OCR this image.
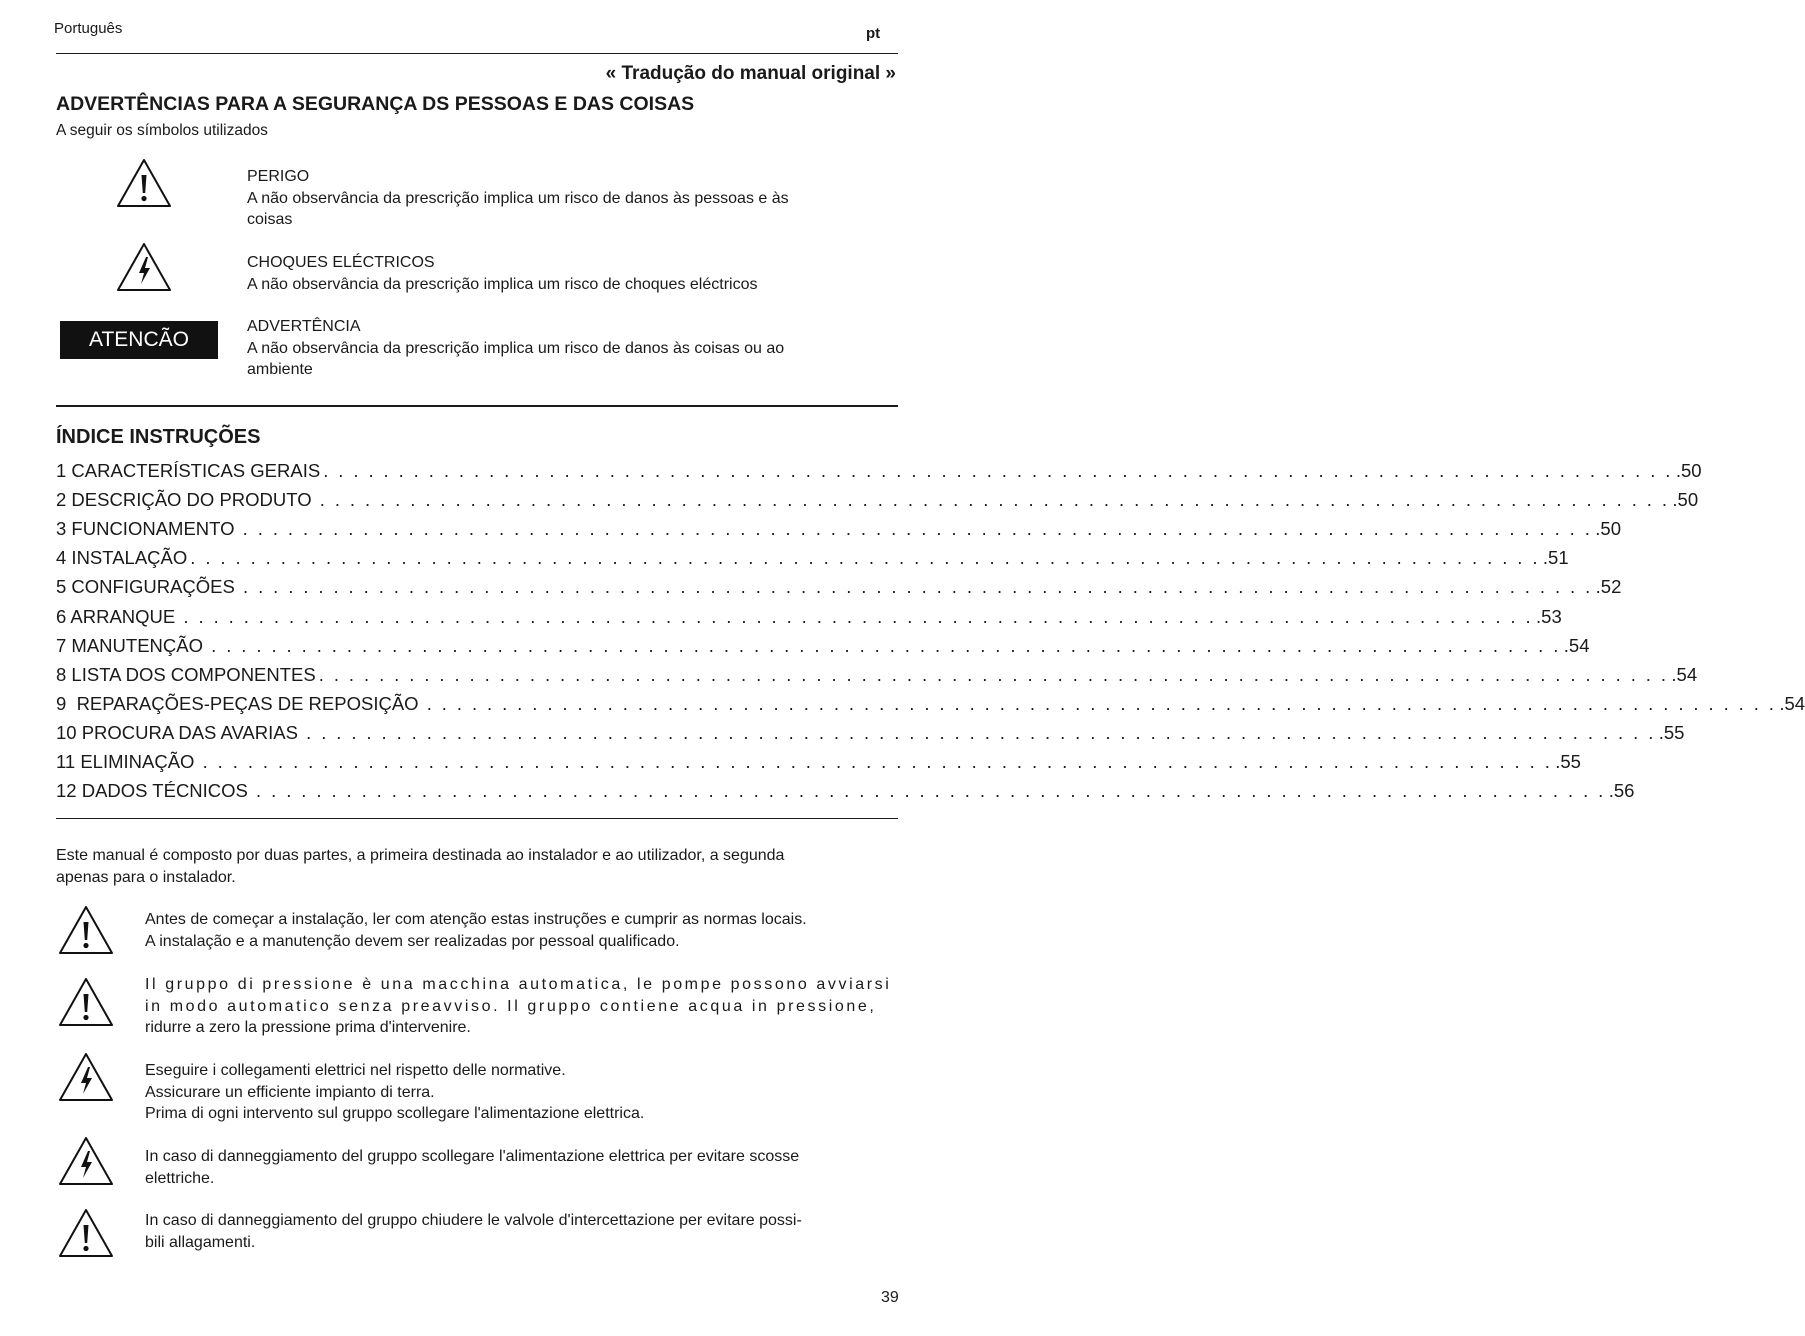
Português	pt
« Tradução do manual original »
ADVERTÊNCIAS PARA A SEGURANÇA DS PESSOAS E DAS COISAS
A seguir os símbolos utilizados
PERIGO
A não observância da prescrição implica um risco de danos às pessoas e às
coisas
CHOQUES ELÉCTRICOS
A não observância da prescrição implica um risco de choques eléctricos
ATENCÃO
ADVERTÊNCIA
A não observância da prescrição implica um risco de danos às coisas ou ao
ambiente
ÍNDICE INSTRUÇÕES
1 CARACTERÍSTICAS GERAIS . . . . . . . . . . . . . . . . . . . . . . . . . . . . . . . . . . . . . . . . . . . . . . . . . . . . . . . . . . . . . . . . . . . . . . . . . . . . . . . . . . . . . . . . . . .50
2 DESCRIÇÃO DO PRODUTO . . . . . . . . . . . . . . . . . . . . . . . . . . . . . . . . . . . . . . . . . . . . . . . . . . . . . . . . . . . . . . . . . . . . . . . . . . . . . . . . . . . . . . . . . . .50
3 FUNCIONAMENTO . . . . . . . . . . . . . . . . . . . . . . . . . . . . . . . . . . . . . . . . . . . . . . . . . . . . . . . . . . . . . . . . . . . . . . . . . . . . . . . . . . . . . . . . . . .50
4 INSTALAÇÃO . . . . . . . . . . . . . . . . . . . . . . . . . . . . . . . . . . . . . . . . . . . . . . . . . . . . . . . . . . . . . . . . . . . . . . . . . . . . . . . . . . . . . . . . . . .51
5 CONFIGURAÇÕES . . . . . . . . . . . . . . . . . . . . . . . . . . . . . . . . . . . . . . . . . . . . . . . . . . . . . . . . . . . . . . . . . . . . . . . . . . . . . . . . . . . . . . . . . . .52
6 ARRANQUE . . . . . . . . . . . . . . . . . . . . . . . . . . . . . . . . . . . . . . . . . . . . . . . . . . . . . . . . . . . . . . . . . . . . . . . . . . . . . . . . . . . . . . . . . . .53
7 MANUTENÇÃO . . . . . . . . . . . . . . . . . . . . . . . . . . . . . . . . . . . . . . . . . . . . . . . . . . . . . . . . . . . . . . . . . . . . . . . . . . . . . . . . . . . . . . . . . . .54
8 LISTA DOS COMPONENTES . . . . . . . . . . . . . . . . . . . . . . . . . . . . . . . . . . . . . . . . . . . . . . . . . . . . . . . . . . . . . . . . . . . . . . . . . . . . . . . . . . . . . . . . . . .54
9  REPARAÇÕES-PEÇAS DE REPOSIÇÃO . . . . . . . . . . . . . . . . . . . . . . . . . . . . . . . . . . . . . . . . . . . . . . . . . . . . . . . . . . . . . . . . . . . . . . . . . . . . . . . . . . . . . . . . . . .54
10 PROCURA DAS AVARIAS . . . . . . . . . . . . . . . . . . . . . . . . . . . . . . . . . . . . . . . . . . . . . . . . . . . . . . . . . . . . . . . . . . . . . . . . . . . . . . . . . . . . . . . . . . .55
11 ELIMINAÇÃO . . . . . . . . . . . . . . . . . . . . . . . . . . . . . . . . . . . . . . . . . . . . . . . . . . . . . . . . . . . . . . . . . . . . . . . . . . . . . . . . . . . . . . . . . . .55
12 DADOS TÉCNICOS . . . . . . . . . . . . . . . . . . . . . . . . . . . . . . . . . . . . . . . . . . . . . . . . . . . . . . . . . . . . . . . . . . . . . . . . . . . . . . . . . . . . . . . . . . .56
Este manual é composto por duas partes, a primeira destinada ao instalador e ao utilizador, a segunda
apenas para o instalador.
Antes de começar a instalação, ler com atenção estas instruções e cumprir as normas locais.
A instalação e a manutenção devem ser realizadas por pessoal qualificado.
Il gruppo di pressione è una macchina automatica, le pompe possono avviarsi
in modo automatico senza preavviso. Il gruppo contiene acqua in pressione,
ridurre a zero la pressione prima d'intervenire.
Eseguire i collegamenti elettrici nel rispetto delle normative.
Assicurare un efficiente impianto di terra.
Prima di ogni intervento sul gruppo scollegare l'alimentazione elettrica.
In caso di danneggiamento del gruppo scollegare l'alimentazione elettrica per evitare scosse
elettriche.
In caso di danneggiamento del gruppo chiudere le valvole d'intercettazione per evitare possi-
bili allagamenti.
39
